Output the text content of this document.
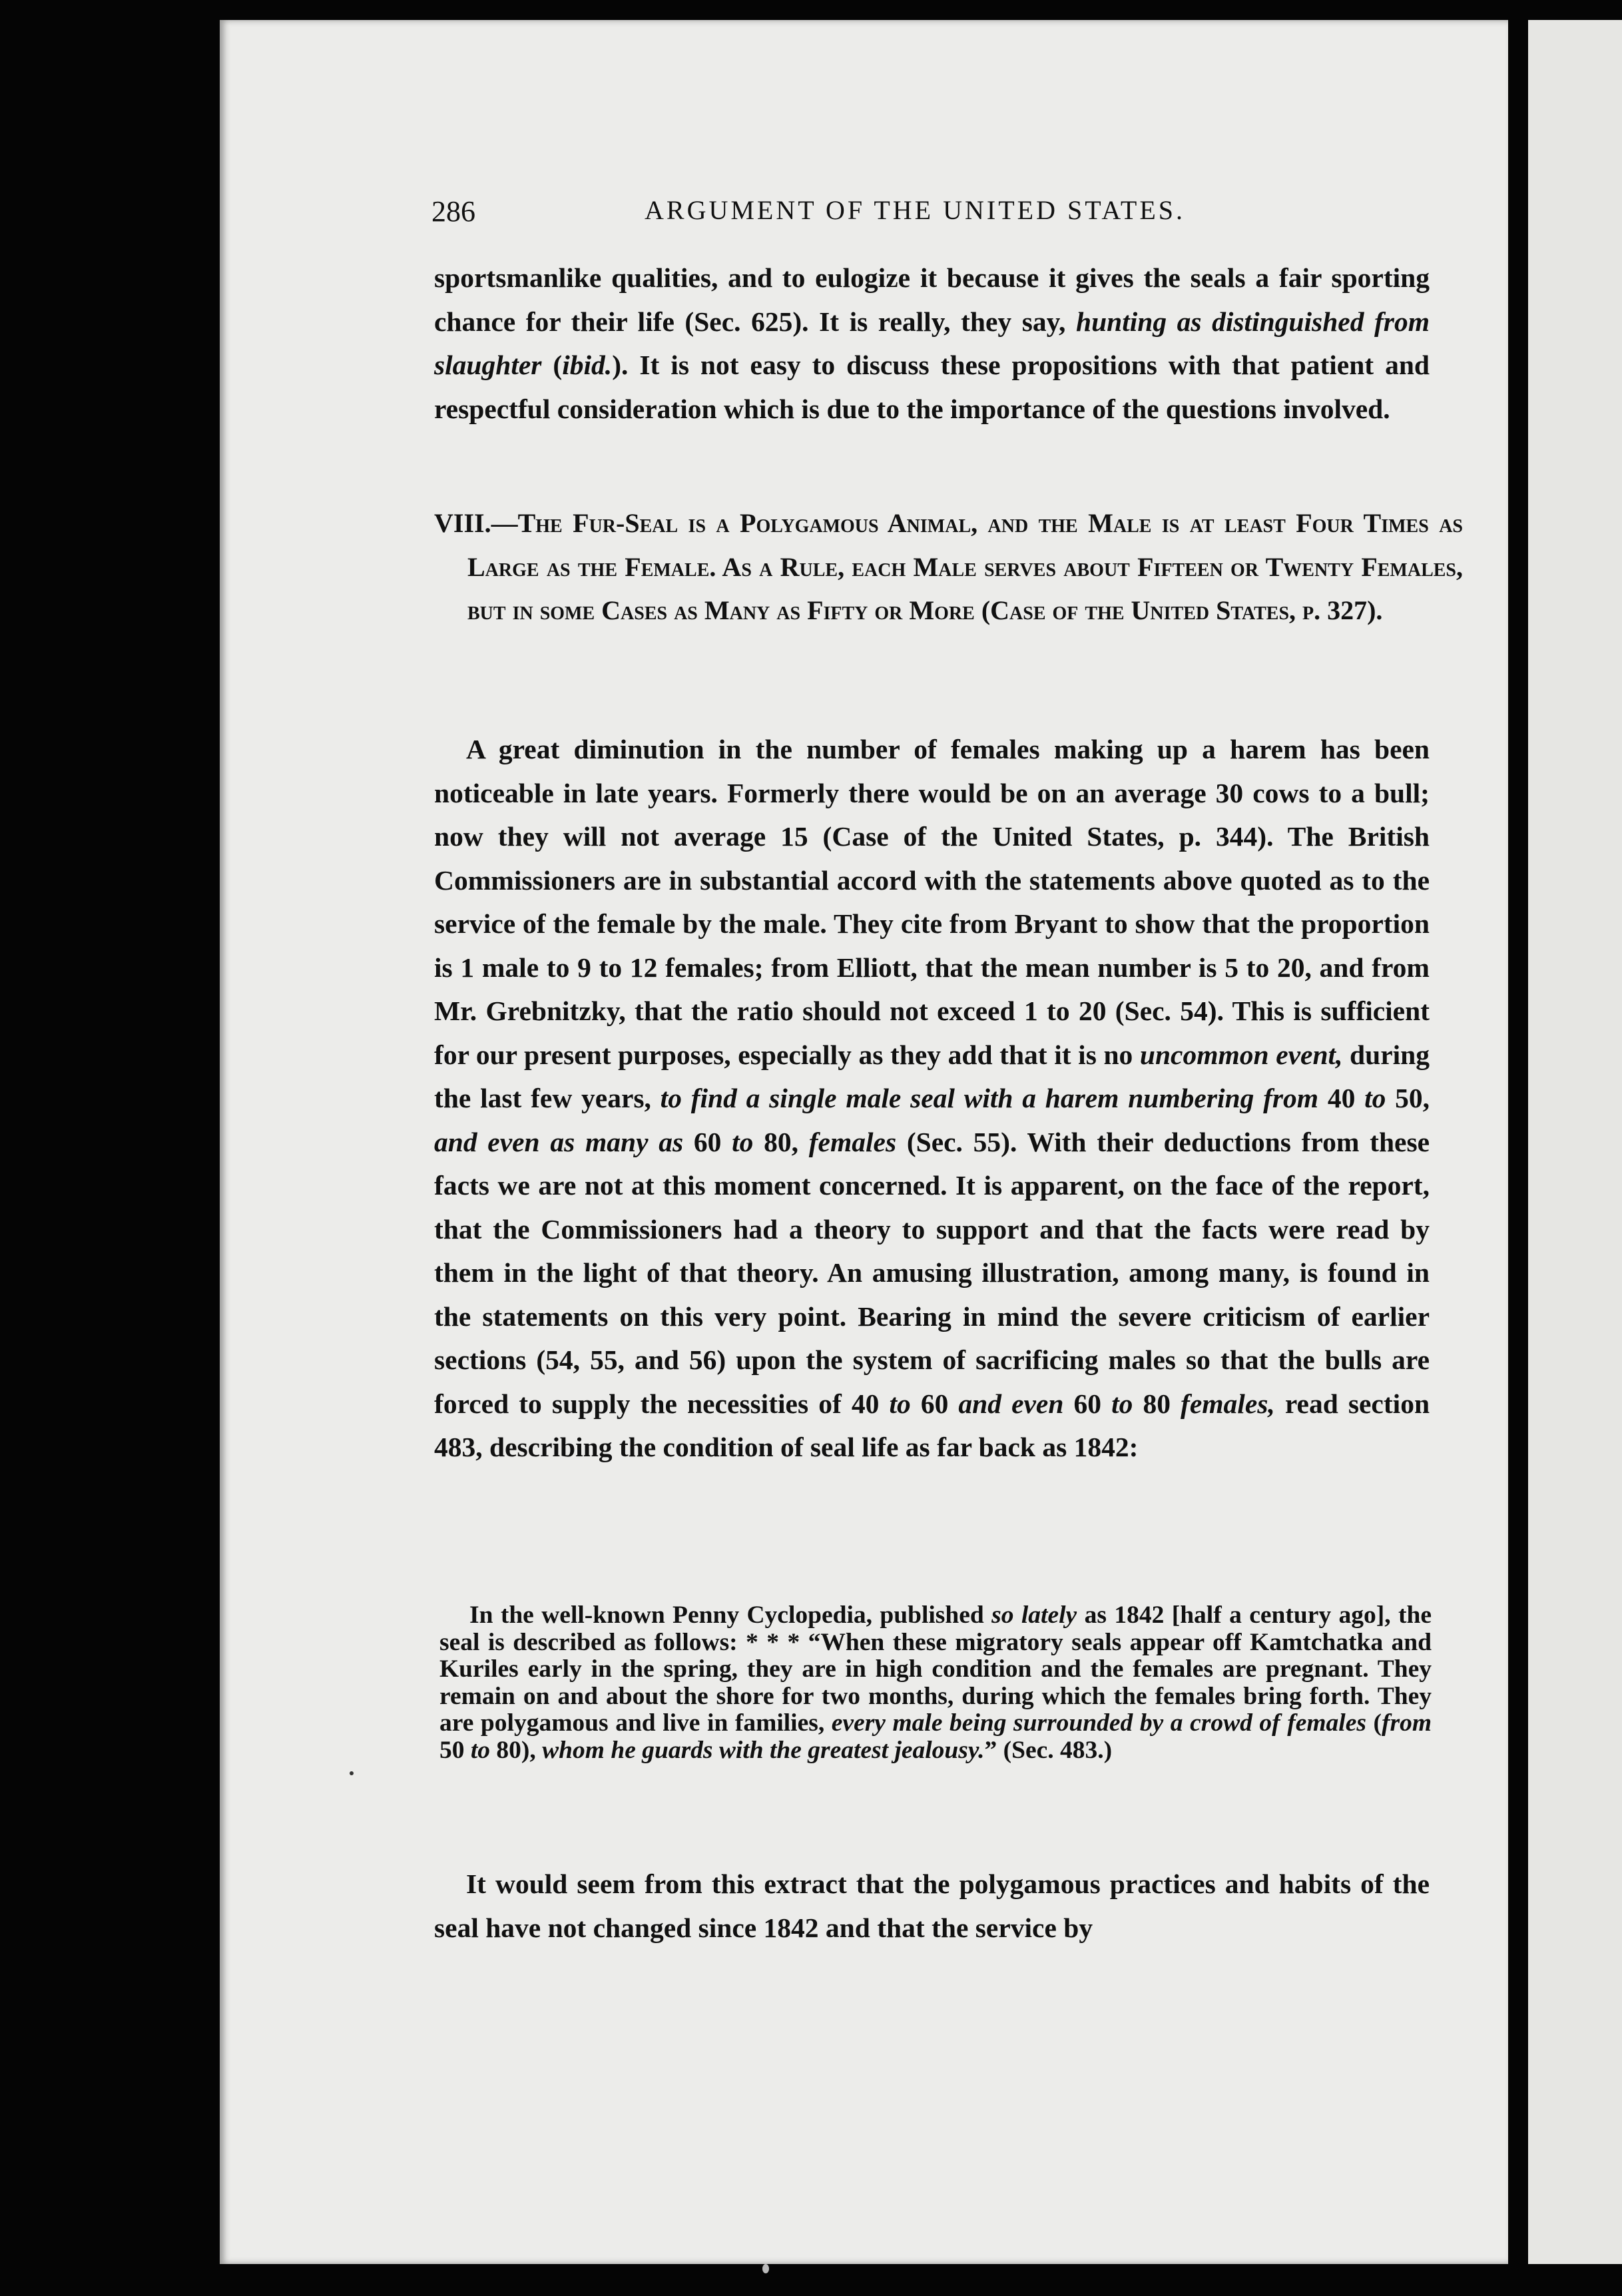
286	ARGUMENT OF THE UNITED STATES.
sportsmanlike qualities, and to eulogize it because it gives the seals a fair sporting chance for their life (Sec. 625). It is really, they say, hunting as distinguished from slaughter (ibid.). It is not easy to discuss these propositions with that patient and respectful consideration which is due to the importance of the questions involved.
VIII.—The Fur-Seal is a Polygamous Animal, and the Male is at least Four Times as Large as the Female. As a Rule, each Male serves about Fifteen or Twenty Females, but in some Cases as Many as Fifty or More (Case of the United States, p. 327).
A great diminution in the number of females making up a harem has been noticeable in late years. Formerly there would be on an average 30 cows to a bull; now they will not average 15 (Case of the United States, p. 344). The British Commissioners are in substantial accord with the statements above quoted as to the service of the female by the male. They cite from Bryant to show that the proportion is 1 male to 9 to 12 females; from Elliott, that the mean number is 5 to 20, and from Mr. Grebnitzky, that the ratio should not exceed 1 to 20 (Sec. 54). This is sufficient for our present purposes, especially as they add that it is no uncommon event, during the last few years, to find a single male seal with a harem numbering from 40 to 50, and even as many as 60 to 80, females (Sec. 55). With their deductions from these facts we are not at this moment concerned. It is apparent, on the face of the report, that the Commissioners had a theory to support and that the facts were read by them in the light of that theory. An amusing illustration, among many, is found in the statements on this very point. Bearing in mind the severe criticism of earlier sections (54, 55, and 56) upon the system of sacrificing males so that the bulls are forced to supply the necessities of 40 to 60 and even 60 to 80 females, read section 483, describing the condition of seal life as far back as 1842:
In the well-known Penny Cyclopedia, published so lately as 1842 [half a century ago], the seal is described as follows: * * * “When these migratory seals appear off Kamtchatka and Kuriles early in the spring, they are in high condition and the females are pregnant. They remain on and about the shore for two months, during which the females bring forth. They are polygamous and live in families, every male being surrounded by a crowd of females (from 50 to 80), whom he guards with the greatest jealousy.” (Sec. 483.)
It would seem from this extract that the polygamous practices and habits of the seal have not changed since 1842 and that the service by
